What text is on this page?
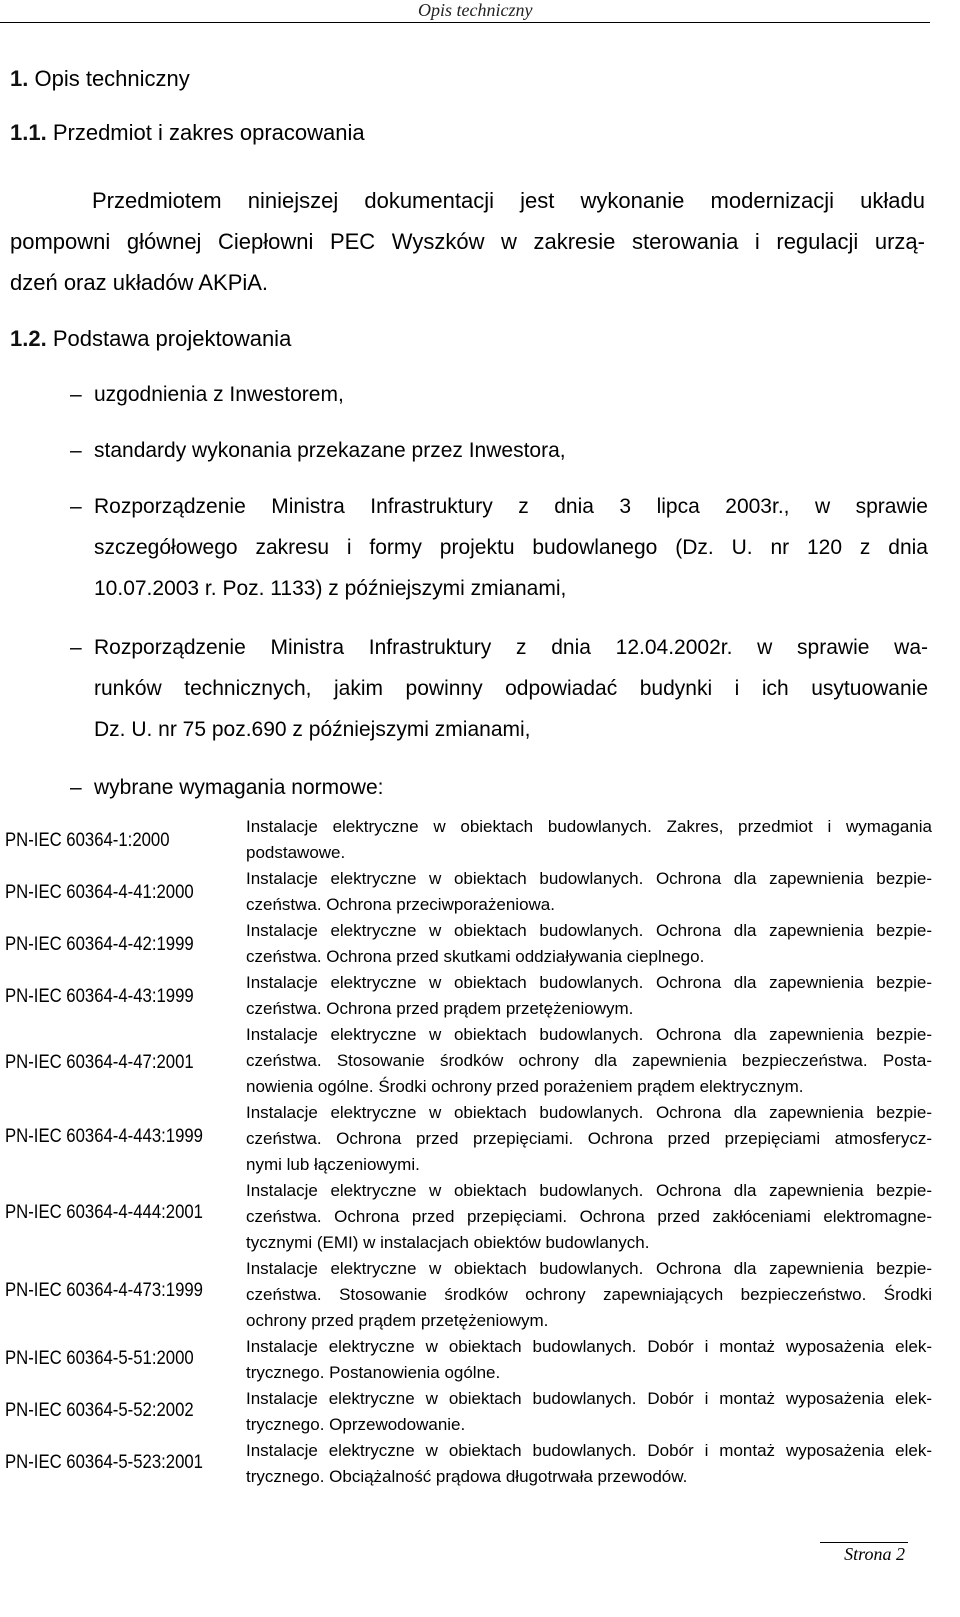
Opis techniczny
1. Opis techniczny
1.1. Przedmiot i zakres opracowania
Przedmiotem niniejszej dokumentacji jest wykonanie modernizacji układu
pompowni głównej Ciepłowni PEC Wyszków w zakresie sterowania i regulacji urzą-
dzeń oraz układów AKPiA.
1.2. Podstawa projektowania
– uzgodnienia z Inwestorem,
– standardy wykonania przekazane przez Inwestora,
– Rozporządzenie Ministra Infrastruktury z dnia 3 lipca 2003r., w sprawie
szczegółowego zakresu i formy projektu budowlanego (Dz. U. nr 120 z dnia
10.07.2003 r. Poz. 1133) z późniejszymi zmianami,
– Rozporządzenie Ministra Infrastruktury z dnia 12.04.2002r. w sprawie wa-
runków technicznych, jakim powinny odpowiadać budynki i ich usytuowanie
Dz. U. nr 75 poz.690 z późniejszymi zmianami,
– wybrane wymagania normowe:
PN-IEC 60364-1:2000
Instalacje elektryczne w obiektach budowlanych. Zakres, przedmiot i wymagania
podstawowe.
PN-IEC 60364-4-41:2000
Instalacje elektryczne w obiektach budowlanych. Ochrona dla zapewnienia bezpie-
czeństwa. Ochrona przeciwporażeniowa.
PN-IEC 60364-4-42:1999
Instalacje elektryczne w obiektach budowlanych. Ochrona dla zapewnienia bezpie-
czeństwa. Ochrona przed skutkami oddziaływania cieplnego.
PN-IEC 60364-4-43:1999
Instalacje elektryczne w obiektach budowlanych. Ochrona dla zapewnienia bezpie-
czeństwa. Ochrona przed prądem przetężeniowym.
PN-IEC 60364-4-47:2001
Instalacje elektryczne w obiektach budowlanych. Ochrona dla zapewnienia bezpie-
czeństwa. Stosowanie środków ochrony dla zapewnienia bezpieczeństwa. Posta-
nowienia ogólne. Środki ochrony przed porażeniem prądem elektrycznym.
PN-IEC 60364-4-443:1999
Instalacje elektryczne w obiektach budowlanych. Ochrona dla zapewnienia bezpie-
czeństwa. Ochrona przed przepięciami. Ochrona przed przepięciami atmosferycz-
nymi lub łączeniowymi.
PN-IEC 60364-4-444:2001
Instalacje elektryczne w obiektach budowlanych. Ochrona dla zapewnienia bezpie-
czeństwa. Ochrona przed przepięciami. Ochrona przed zakłóceniami elektromagne-
tycznymi (EMI) w instalacjach obiektów budowlanych.
PN-IEC 60364-4-473:1999
Instalacje elektryczne w obiektach budowlanych. Ochrona dla zapewnienia bezpie-
czeństwa. Stosowanie środków ochrony zapewniających bezpieczeństwo. Środki
ochrony przed prądem przetężeniowym.
PN-IEC 60364-5-51:2000
Instalacje elektryczne w obiektach budowlanych. Dobór i montaż wyposażenia elek-
trycznego. Postanowienia ogólne.
PN-IEC 60364-5-52:2002
Instalacje elektryczne w obiektach budowlanych. Dobór i montaż wyposażenia elek-
trycznego. Oprzewodowanie.
PN-IEC 60364-5-523:2001
Instalacje elektryczne w obiektach budowlanych. Dobór i montaż wyposażenia elek-
trycznego. Obciążalność prądowa długotrwała przewodów.
Strona 2
